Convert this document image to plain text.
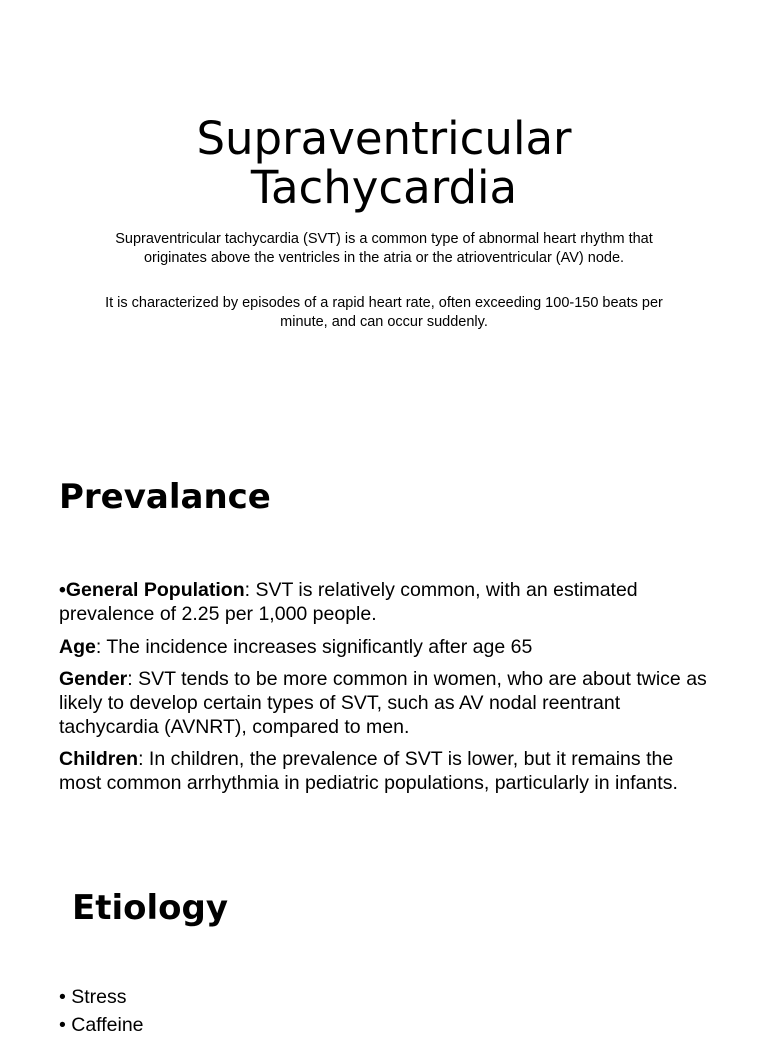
Supraventricular
Tachycardia

Supraventricular tachycardia (SVT) is a common type of abnormal heart rhythm that originates above the ventricles in the atria or the atrioventricular (AV) node.

It is characterized by episodes of a rapid heart rate, often exceeding 100-150 beats per minute, and can occur suddenly.

Prevalance

•General Population: SVT is relatively common, with an estimated prevalence of 2.25 per 1,000 people.

Age: The incidence increases significantly after age 65

Gender: SVT tends to be more common in women, who are about twice as likely to develop certain types of SVT, such as AV nodal reentrant tachycardia (AVNRT), compared to men.

Children: In children, the prevalence of SVT is lower, but it remains the most common arrhythmia in pediatric populations, particularly in infants.

Etiology
• Stress
• Caffeine
